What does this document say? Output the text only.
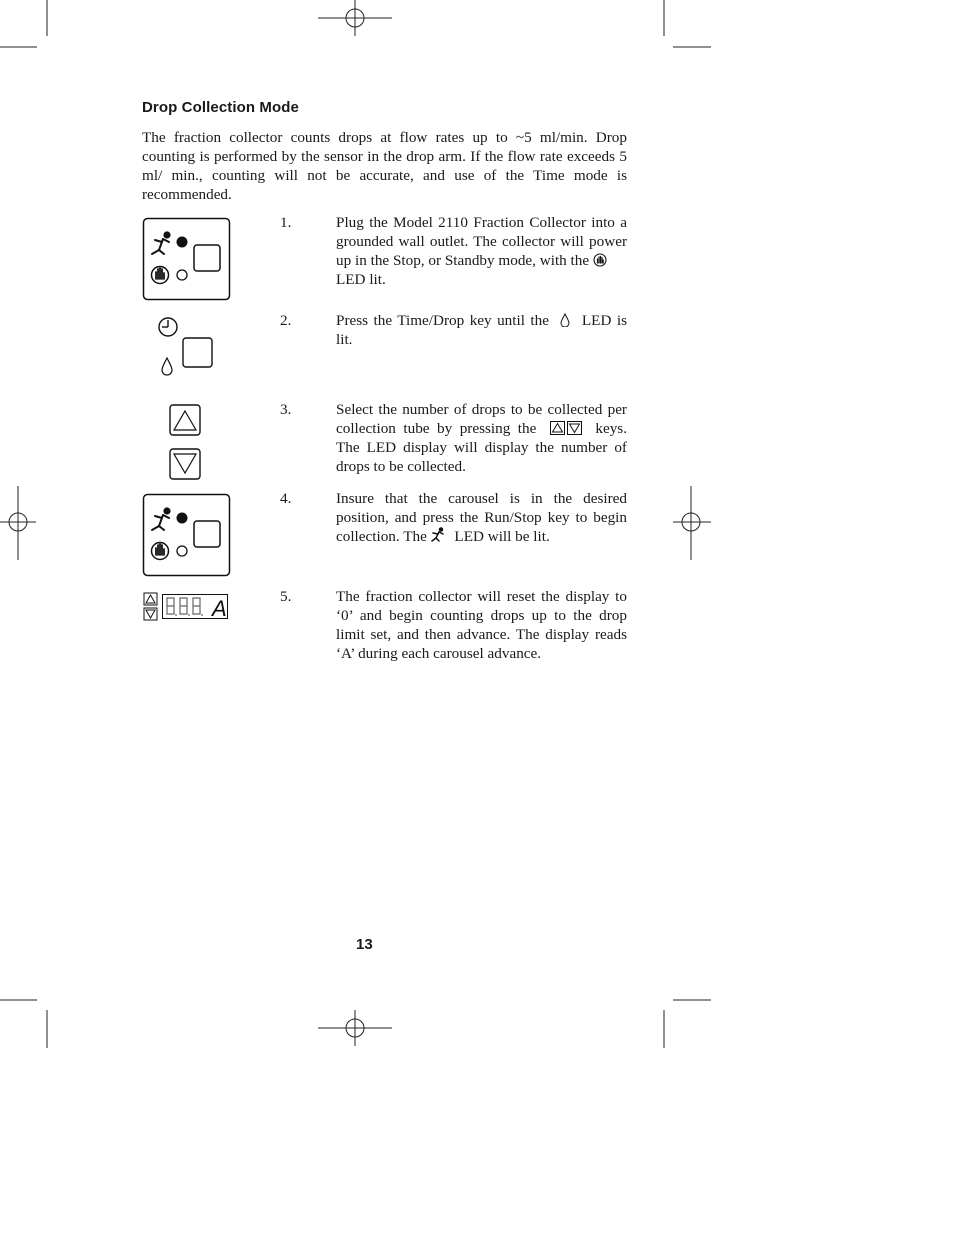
Drop Collection Mode
The fraction collector counts drops at flow rates up to ~5 ml/min. Drop counting is performed by the sensor in the drop arm. If the flow rate exceeds 5 ml/ min., counting will not be accurate, and use of the Time mode is recommended.
A
1.	Plug the Model 2110 Fraction Collector into a grounded wall outlet. The collector will power up in the Stop, or Standby mode, with the

LED lit.
2.	Press the Time/Drop key until the LED is lit.
3.	Select the number of drops to be collected per collection tube by pressing the	keys. The LED display will display the number of drops to be collected.
4.	Insure that the carousel is in the desired position, and press the Run/Stop key to begin collection. The LED will be lit.
5.	The fraction collector will reset the display to ‘0’ and begin counting drops up to the drop limit set, and then advance. The display reads ‘A’ during each carousel advance.
13
